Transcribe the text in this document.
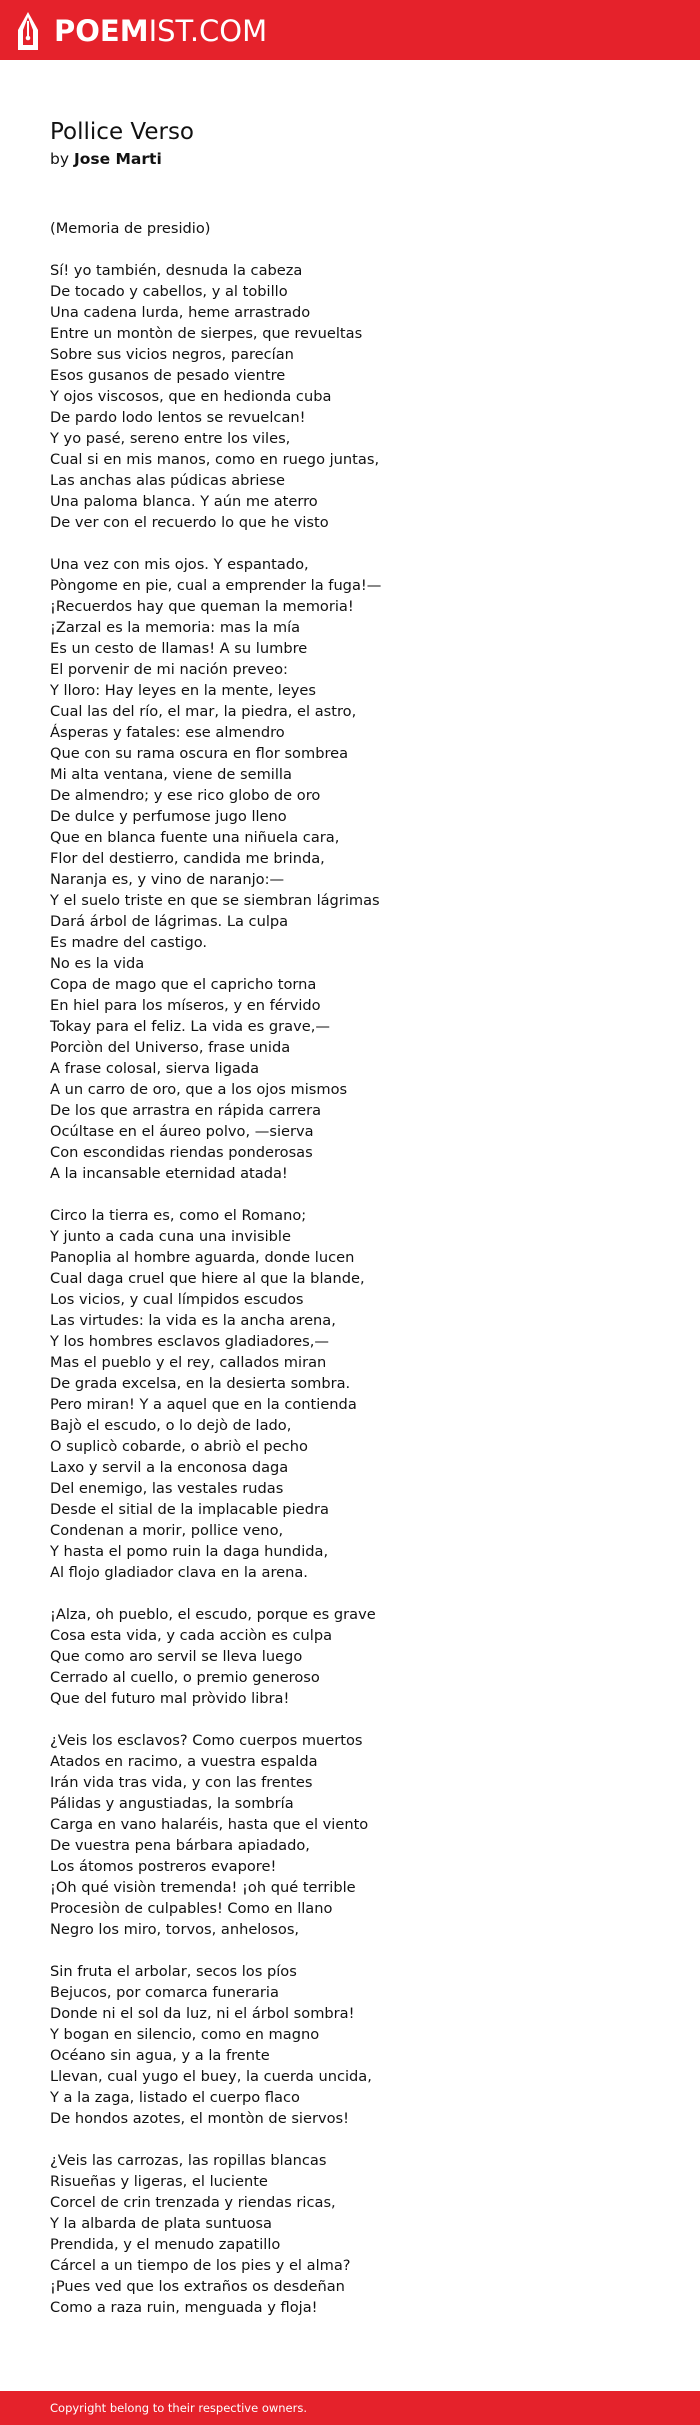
POEMIST.COM
Pollice Verso
by Jose Marti
(Memoria de presidio)
Sí! yo también, desnuda la cabeza
De tocado y cabellos, y al tobillo
Una cadena lurda, heme arrastrado
Entre un montòn de sierpes, que revueltas
Sobre sus vicios negros, parecían
Esos gusanos de pesado vientre
Y ojos viscosos, que en hedionda cuba
De pardo lodo lentos se revuelcan!
Y yo pasé, sereno entre los viles,
Cual si en mis manos, como en ruego juntas,
Las anchas alas púdicas abriese
Una paloma blanca. Y aún me aterro
De ver con el recuerdo lo que he visto
Una vez con mis ojos. Y espantado,
Pòngome en pie, cual a emprender la fuga!—
¡Recuerdos hay que queman la memoria!
¡Zarzal es la memoria: mas la mía
Es un cesto de llamas! A su lumbre
El porvenir de mi nación preveo:
Y lloro: Hay leyes en la mente, leyes
Cual las del río, el mar, la piedra, el astro,
Ásperas y fatales: ese almendro
Que con su rama oscura en flor sombrea
Mi alta ventana, viene de semilla
De almendro; y ese rico globo de oro
De dulce y perfumose jugo lleno
Que en blanca fuente una niñuela cara,
Flor del destierro, candida me brinda,
Naranja es, y vino de naranjo:—
Y el suelo triste en que se siembran lágrimas
Dará árbol de lágrimas. La culpa
Es madre del castigo.
No es la vida
Copa de mago que el capricho torna
En hiel para los míseros, y en férvido
Tokay para el feliz. La vida es grave,—
Porciòn del Universo, frase unida
A frase colosal, sierva ligada
A un carro de oro, que a los ojos mismos
De los que arrastra en rápida carrera
Ocúltase en el áureo polvo, —sierva
Con escondidas riendas ponderosas
A la incansable eternidad atada!
Circo la tierra es, como el Romano;
Y junto a cada cuna una invisible
Panoplia al hombre aguarda, donde lucen
Cual daga cruel que hiere al que la blande,
Los vicios, y cual límpidos escudos
Las virtudes: la vida es la ancha arena,
Y los hombres esclavos gladiadores,—
Mas el pueblo y el rey, callados miran
De grada excelsa, en la desierta sombra.
Pero miran! Y a aquel que en la contienda
Bajò el escudo, o lo dejò de lado,
O suplicò cobarde, o abriò el pecho
Laxo y servil a la enconosa daga
Del enemigo, las vestales rudas
Desde el sitial de la implacable piedra
Condenan a morir, pollice veno,
Y hasta el pomo ruin la daga hundida,
Al flojo gladiador clava en la arena.
¡Alza, oh pueblo, el escudo, porque es grave
Cosa esta vida, y cada acciòn es culpa
Que como aro servil se lleva luego
Cerrado al cuello, o premio generoso
Que del futuro mal pròvido libra!
¿Veis los esclavos? Como cuerpos muertos
Atados en racimo, a vuestra espalda
Irán vida tras vida, y con las frentes
Pálidas y angustiadas, la sombría
Carga en vano halaréis, hasta que el viento
De vuestra pena bárbara apiadado,
Los átomos postreros evapore!
¡Oh qué visiòn tremenda! ¡oh qué terrible
Procesiòn de culpables! Como en llano
Negro los miro, torvos, anhelosos,
Sin fruta el arbolar, secos los píos
Bejucos, por comarca funeraria
Donde ni el sol da luz, ni el árbol sombra!
Y bogan en silencio, como en magno
Océano sin agua, y a la frente
Llevan, cual yugo el buey, la cuerda uncida,
Y a la zaga, listado el cuerpo flaco
De hondos azotes, el montòn de siervos!
¿Veis las carrozas, las ropillas blancas
Risueñas y ligeras, el luciente
Corcel de crin trenzada y riendas ricas,
Y la albarda de plata suntuosa
Prendida, y el menudo zapatillo
Cárcel a un tiempo de los pies y el alma?
¡Pues ved que los extraños os desdeñan
Como a raza ruin, menguada y floja!
Copyright belong to their respective owners.
